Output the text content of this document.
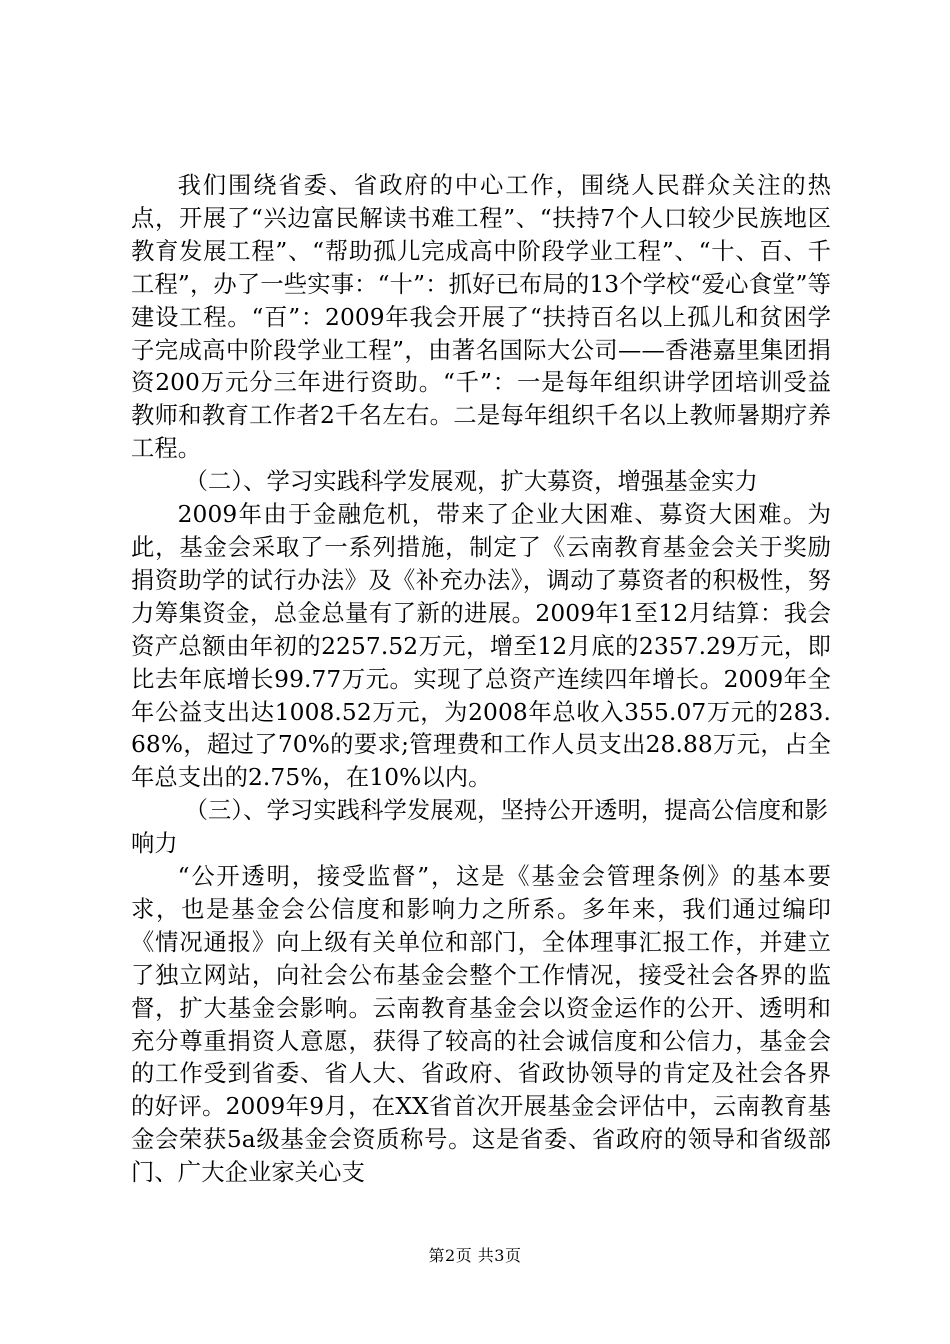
我们围绕省委、省政府的中心工作，围绕人民群众关注的热点，开展了“兴边富民解读书难工程”、“扶持7个人口较少民族地区教育发展工程”、“帮助孤儿完成高中阶段学业工程”、“十、百、千工程”，办了一些实事：“十”：抓好已布局的13个学校“爱心食堂”等建设工程。“百”：2009年我会开展了“扶持百名以上孤儿和贫困学子完成高中阶段学业工程”，由著名国际大公司——香港嘉里集团捐资200万元分三年进行资助。“千”：一是每年组织讲学团培训受益教师和教育工作者2千名左右。二是每年组织千名以上教师暑期疗养工程。

（二）、学习实践科学发展观，扩大募资，增强基金实力

2009年由于金融危机，带来了企业大困难、募资大困难。为此，基金会采取了一系列措施，制定了《云南教育基金会关于奖励捐资助学的试行办法》及《补充办法》，调动了募资者的积极性，努力筹集资金，总金总量有了新的进展。2009年1至12月结算：我会资产总额由年初的2257.52万元，增至12月底的2357.29万元，即比去年底增长99.77万元。实现了总资产连续四年增长。2009年全年公益支出达1008.52万元，为2008年总收入355.07万元的283.68%，超过了70%的要求;管理费和工作人员支出28.88万元，占全年总支出的2.75%，在10%以内。

（三）、学习实践科学发展观，坚持公开透明，提高公信度和影响力

“公开透明，接受监督”，这是《基金会管理条例》的基本要求，也是基金会公信度和影响力之所系。多年来，我们通过编印《情况通报》向上级有关单位和部门，全体理事汇报工作，并建立了独立网站，向社会公布基金会整个工作情况，接受社会各界的监督，扩大基金会影响。云南教育基金会以资金运作的公开、透明和充分尊重捐资人意愿，获得了较高的社会诚信度和公信力，基金会的工作受到省委、省人大、省政府、省政协领导的肯定及社会各界的好评。2009年9月，在XX省首次开展基金会评估中，云南教育基金会荣获5a级基金会资质称号。这是省委、省政府的领导和省级部门、广大企业家关心支

第2页 共3页
